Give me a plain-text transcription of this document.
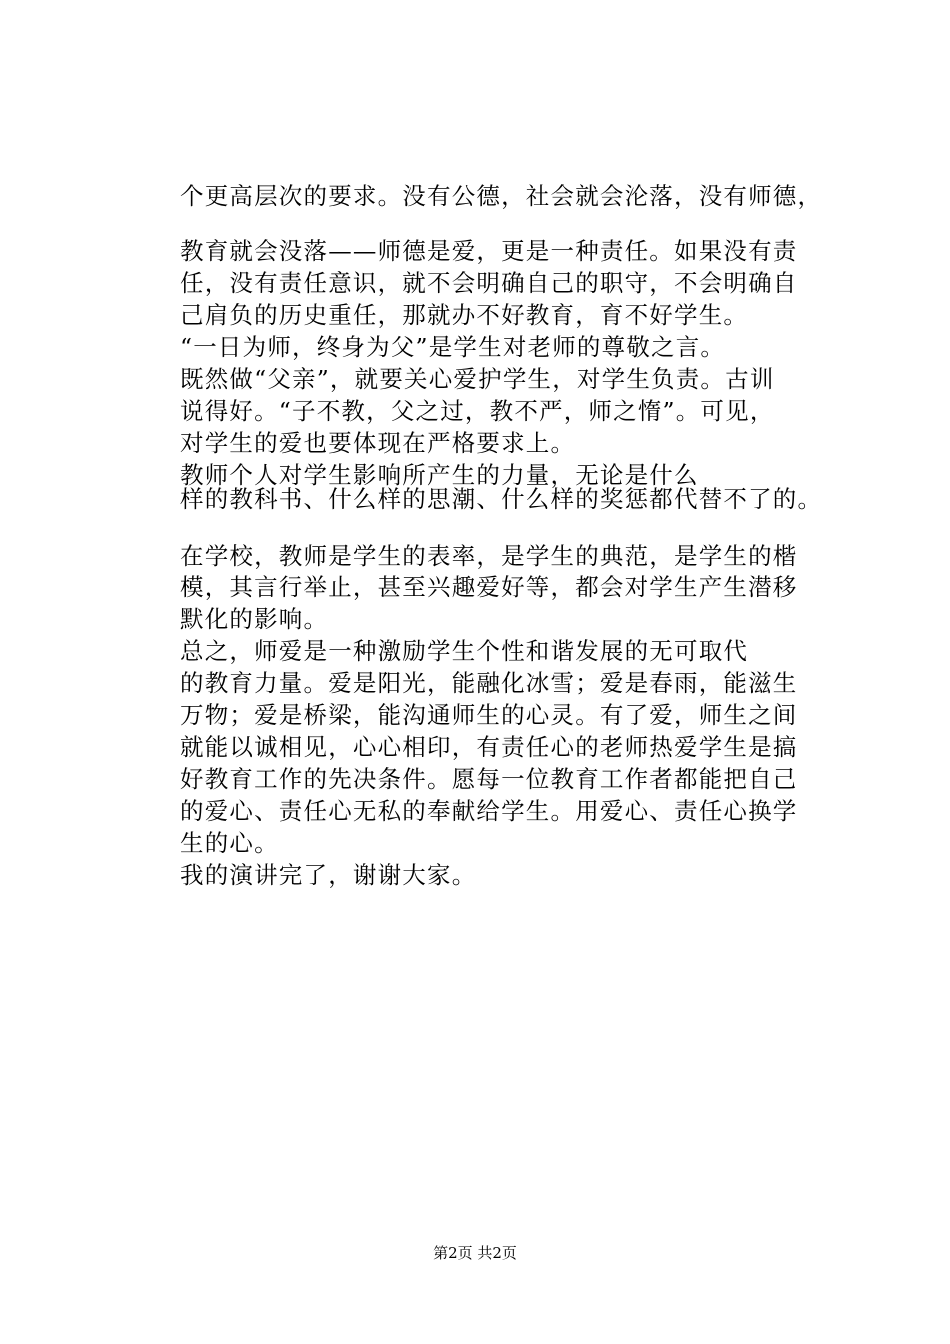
个更高层次的要求。没有公德，社会就会沦落，没有师德，
教育就会没落——师德是爱，更是一种责任。如果没有责
任，没有责任意识，就不会明确自己的职守，不会明确自
己肩负的历史重任，那就办不好教育，育不好学生。
“一日为师，终身为父”是学生对老师的尊敬之言。
既然做“父亲”，就要关心爱护学生，对学生负责。古训
说得好。“子不教，父之过，教不严，师之惰”。可见，
对学生的爱也要体现在严格要求上。
教师个人对学生影响所产生的力量，无论是什么
样的教科书、什么样的思潮、什么样的奖惩都代替不了的。
在学校，教师是学生的表率，是学生的典范，是学生的楷
模，其言行举止，甚至兴趣爱好等，都会对学生产生潜移
默化的影响。
总之，师爱是一种激励学生个性和谐发展的无可取代
的教育力量。爱是阳光，能融化冰雪；爱是春雨，能滋生
万物；爱是桥梁，能沟通师生的心灵。有了爱，师生之间
就能以诚相见，心心相印，有责任心的老师热爱学生是搞
好教育工作的先决条件。愿每一位教育工作者都能把自己
的爱心、责任心无私的奉献给学生。用爱心、责任心换学
生的心。
我的演讲完了，谢谢大家。
第2页 共2页
